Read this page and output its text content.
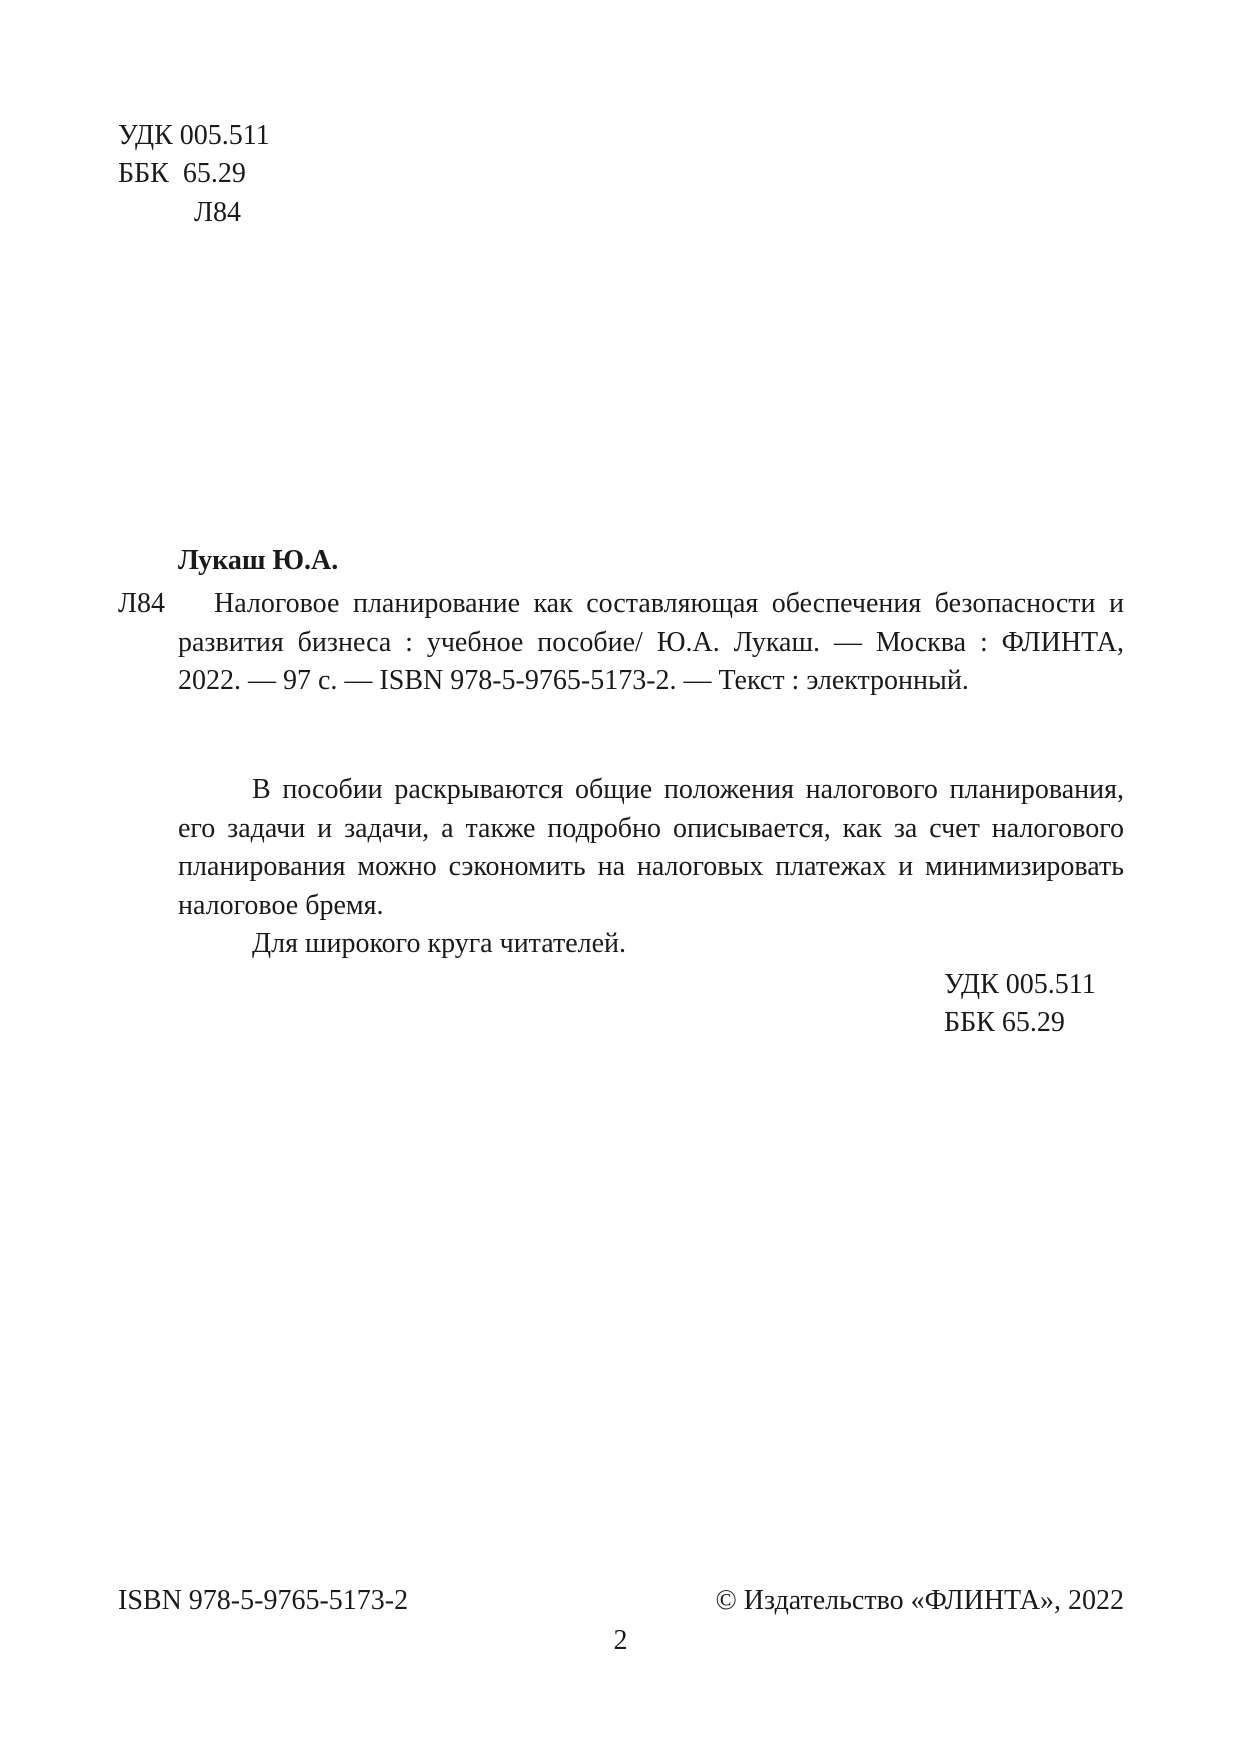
УДК 005.511
ББК 65.29
Л84
Лукаш Ю.А.
Л84	Налоговое планирование как составляющая обеспечения безопасности и развития бизнеса : учебное пособие/ Ю.А. Лукаш. — Москва : ФЛИНТА, 2022. — 97 с. — ISBN 978-5-9765-5173-2. — Текст : электронный.
В пособии раскрываются общие положения налогового планирования, его задачи и задачи, а также подробно описывается, как за счет налогового планирования можно сэкономить на налоговых платежах и минимизировать налоговое бремя.
Для широкого круга читателей.
УДК 005.511
ББК 65.29
ISBN 978-5-9765-5173-2	© Издательство «ФЛИНТА», 2022
2
